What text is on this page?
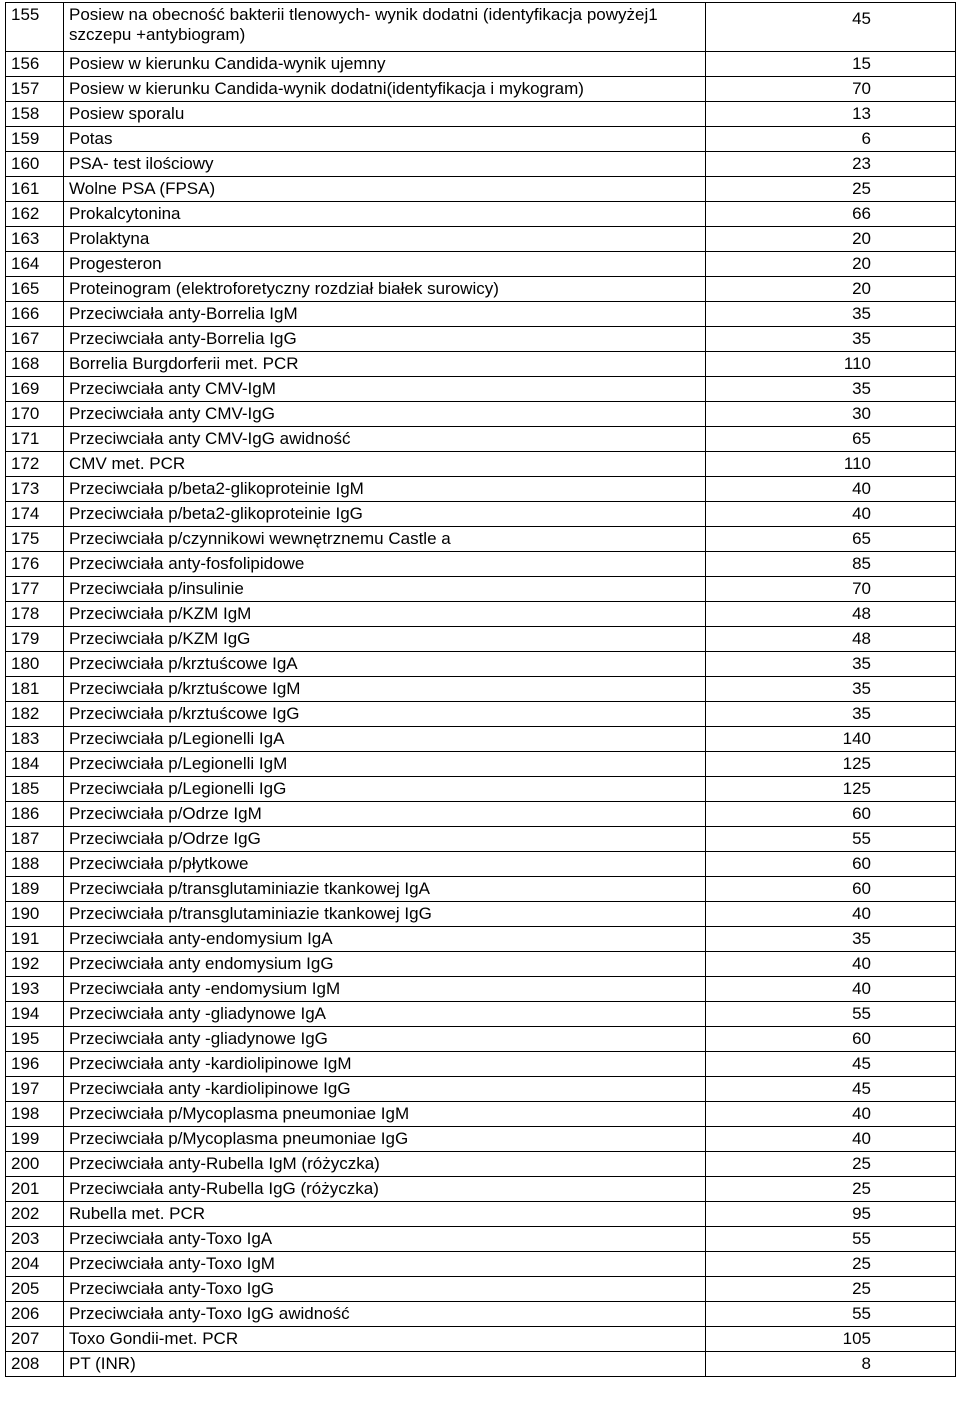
155	Posiew na obecność bakterii tlenowych- wynik dodatni (identyfikacja powyżej1 szczepu +antybiogram)	45
156	Posiew w kierunku Candida-wynik ujemny	15
157	Posiew w kierunku Candida-wynik dodatni(identyfikacja i mykogram)	70
158	Posiew sporalu	13
159	Potas	6
160	PSA- test ilościowy	23
161	Wolne PSA (FPSA)	25
162	Prokalcytonina	66
163	Prolaktyna	20
164	Progesteron	20
165	Proteinogram (elektroforetyczny rozdział białek surowicy)	20
166	Przeciwciała anty-Borrelia IgM	35
167	Przeciwciała anty-Borrelia IgG	35
168	Borrelia Burgdorferii met. PCR	110
169	Przeciwciała anty CMV-IgM	35
170	Przeciwciała anty CMV-IgG	30
171	Przeciwciała anty CMV-IgG awidność	65
172	CMV met. PCR	110
173	Przeciwciała p/beta2-glikoproteinie IgM	40
174	Przeciwciała p/beta2-glikoproteinie IgG	40
175	Przeciwciała p/czynnikowi wewnętrznemu Castle a	65
176	Przeciwciała anty-fosfolipidowe	85
177	Przeciwciała p/insulinie	70
178	Przeciwciała p/KZM IgM	48
179	Przeciwciała p/KZM IgG	48
180	Przeciwciała p/krztuścowe IgA	35
181	Przeciwciała p/krztuścowe IgM	35
182	Przeciwciała p/krztuścowe IgG	35
183	Przeciwciała p/Legionelli IgA	140
184	Przeciwciała p/Legionelli IgM	125
185	Przeciwciała p/Legionelli IgG	125
186	Przeciwciała p/Odrze IgM	60
187	Przeciwciała p/Odrze IgG	55
188	Przeciwciała p/płytkowe	60
189	Przeciwciała p/transglutaminiazie tkankowej IgA	60
190	Przeciwciała p/transglutaminiazie tkankowej IgG	40
191	Przeciwciała anty-endomysium IgA	35
192	Przeciwciała anty endomysium IgG	40
193	Przeciwciała anty -endomysium IgM	40
194	Przeciwciała anty -gliadynowe IgA	55
195	Przeciwciała anty -gliadynowe IgG	60
196	Przeciwciała anty -kardiolipinowe IgM	45
197	Przeciwciała anty -kardiolipinowe IgG	45
198	Przeciwciała p/Mycoplasma pneumoniae IgM	40
199	Przeciwciała p/Mycoplasma pneumoniae IgG	40
200	Przeciwciała anty-Rubella IgM (różyczka)	25
201	Przeciwciała anty-Rubella IgG (różyczka)	25
202	Rubella met. PCR	95
203	Przeciwciała anty-Toxo IgA	55
204	Przeciwciała anty-Toxo IgM	25
205	Przeciwciała anty-Toxo IgG	25
206	Przeciwciała anty-Toxo IgG awidność	55
207	Toxo Gondii-met. PCR	105
208	PT (INR)	8
